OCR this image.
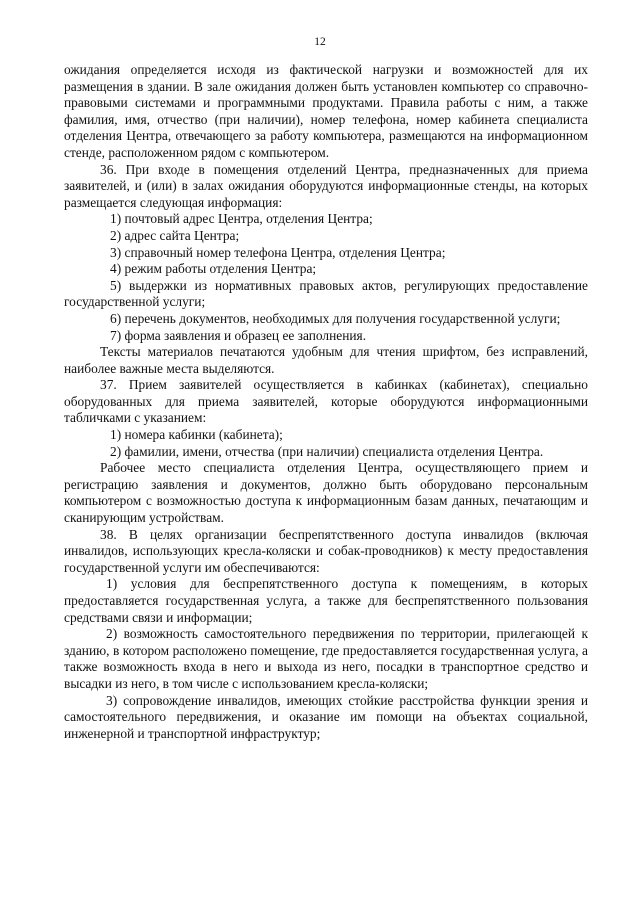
12

ожидания определяется исходя из фактической нагрузки и возможностей для их размещения в здании. В зале ожидания должен быть установлен компьютер со справочно-правовыми системами и программными продуктами. Правила работы с ним, а также фамилия, имя, отчество (при наличии), номер телефона, номер кабинета специалиста отделения Центра, отвечающего за работу компьютера, размещаются на информационном стенде, расположенном рядом с компьютером.

36. При входе в помещения отделений Центра, предназначенных для приема заявителей, и (или) в залах ожидания оборудуются информационные стенды, на которых размещается следующая информация:

1) почтовый адрес Центра, отделения Центра;

2) адрес сайта Центра;

3) справочный номер телефона Центра, отделения Центра;

4) режим работы отделения Центра;

5) выдержки из нормативных правовых актов, регулирующих предоставление государственной услуги;

6) перечень документов, необходимых для получения государственной услуги;

7) форма заявления и образец ее заполнения.

Тексты материалов печатаются удобным для чтения шрифтом, без исправлений, наиболее важные места выделяются.

37. Прием заявителей осуществляется в кабинках (кабинетах), специально оборудованных для приема заявителей, которые оборудуются информационными табличками с указанием:

1) номера кабинки (кабинета);

2) фамилии, имени, отчества (при наличии) специалиста отделения Центра.

Рабочее место специалиста отделения Центра, осуществляющего прием и регистрацию заявления и документов, должно быть оборудовано персональным компьютером с возможностью доступа к информационным базам данных, печатающим и сканирующим устройствам.

38. В целях организации беспрепятственного доступа инвалидов (включая инвалидов, использующих кресла-коляски и собак-проводников) к месту предоставления государственной услуги им обеспечиваются:

1) условия для беспрепятственного доступа к помещениям, в которых предоставляется государственная услуга, а также для беспрепятственного пользования средствами связи и информации;

2) возможность самостоятельного передвижения по территории, прилегающей к зданию, в котором расположено помещение, где предоставляется государственная услуга, а также возможность входа в него и выхода из него, посадки в транспортное средство и высадки из него, в том числе с использованием кресла-коляски;

3) сопровождение инвалидов, имеющих стойкие расстройства функции зрения и самостоятельного передвижения, и оказание им помощи на объектах социальной, инженерной и транспортной инфраструктур;
